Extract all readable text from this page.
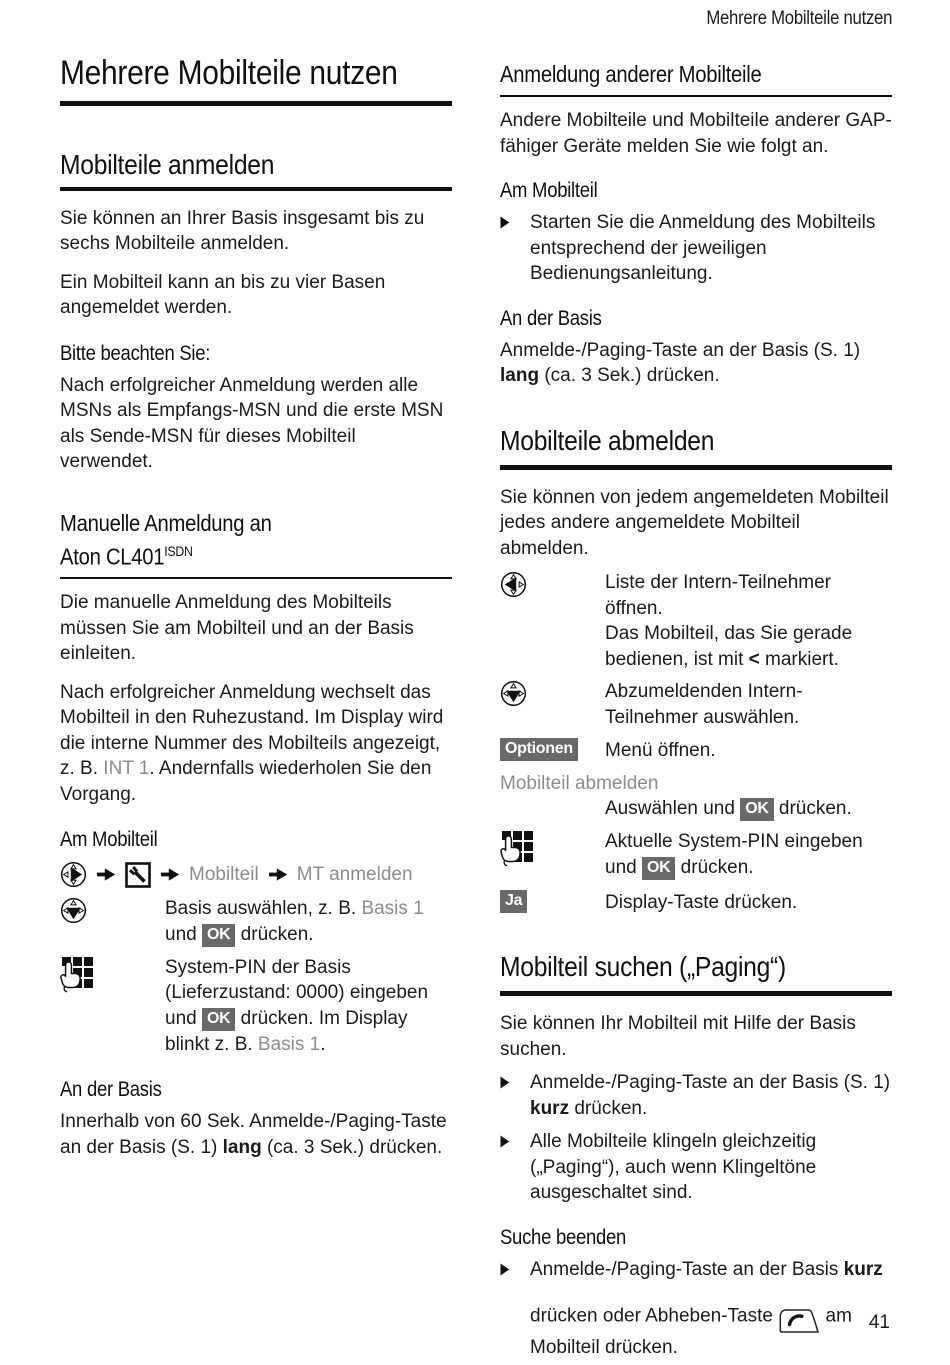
Mehrere Mobilteile nutzen
Mobilteile anmelden

Sie können an Ihrer Basis insgesamt bis zu sechs Mobilteile anmelden.

Ein Mobilteil kann an bis zu vier Basen angemeldet werden.

Bitte beachten Sie:

Nach erfolgreicher Anmeldung werden alle MSNs als Empfangs-MSN und die erste MSN als Sende-MSN für dieses Mobilteil verwendet.

Manuelle Anmeldung an
Aton $CL401^{ISDN}$

Die manuelle Anmeldung des Mobilteils müssen Sie am Mobilteil und an der Basis einleiten.

Nach erfolgreicher Anmeldung wechselt das Mobilteil in den Ruhezustand. Im Display wird die interne Nummer des Mobilteils angezeigt, z. B. INT 1. Andernfalls wiederholen Sie den Vorgang.

Am Mobilteil
Mobilteil MT anmelden
Basis auswählen, z. B. Basis 1 und OK drücken.
System-PIN der Basis (Lieferzustand: 0000) eingeben und OK drücken. Im Display blinkt z. B. Basis 1.
An der Basis

Innerhalb von 60 Sek. Anmelde-/Paging-Taste an der Basis (S. 1) lang (ca. 3 Sek.) drücken.

Mehrere Mobilteile nutzen
Anmeldung anderer Mobilteile

Andere Mobilteile und Mobilteile anderer GAP-fähiger Geräte melden Sie wie folgt an.

Am Mobilteil
Starten Sie die Anmeldung des Mobilteils entsprechend der jeweiligen Bedienungsanleitung.
An der Basis

Anmelde-/Paging-Taste an der Basis (S. 1) lang (ca. 3 Sek.) drücken.

Mobilteile abmelden

Sie können von jedem angemeldeten Mobilteil jedes andere angemeldete Mobilteil abmelden.

Liste der Intern-Teilnehmer öffnen.
Das Mobilteil, das Sie gerade bedienen, ist mit < markiert.
Abzumeldenden Intern-Teilnehmer auswählen.
Optionen	Menü öffnen.

Mobilteil abmelden

Auswählen und OK drücken.

Aktuelle System-PIN eingeben und OK drücken.
Ja	Display-Taste drücken.
Mobilteil suchen („Paging“)

Sie können Ihr Mobilteil mit Hilfe der Basis suchen.

Anmelde-/Paging-Taste an der Basis (S. 1) kurz drücken.
Alle Mobilteile klingeln gleichzeitig („Paging“), auch wenn Klingeltöne ausgeschaltet sind.
Suche beenden
Anmelde-/Paging-Taste an der Basis kurz drücken oder Abheben-Taste

am Mobilteil drücken.
41
